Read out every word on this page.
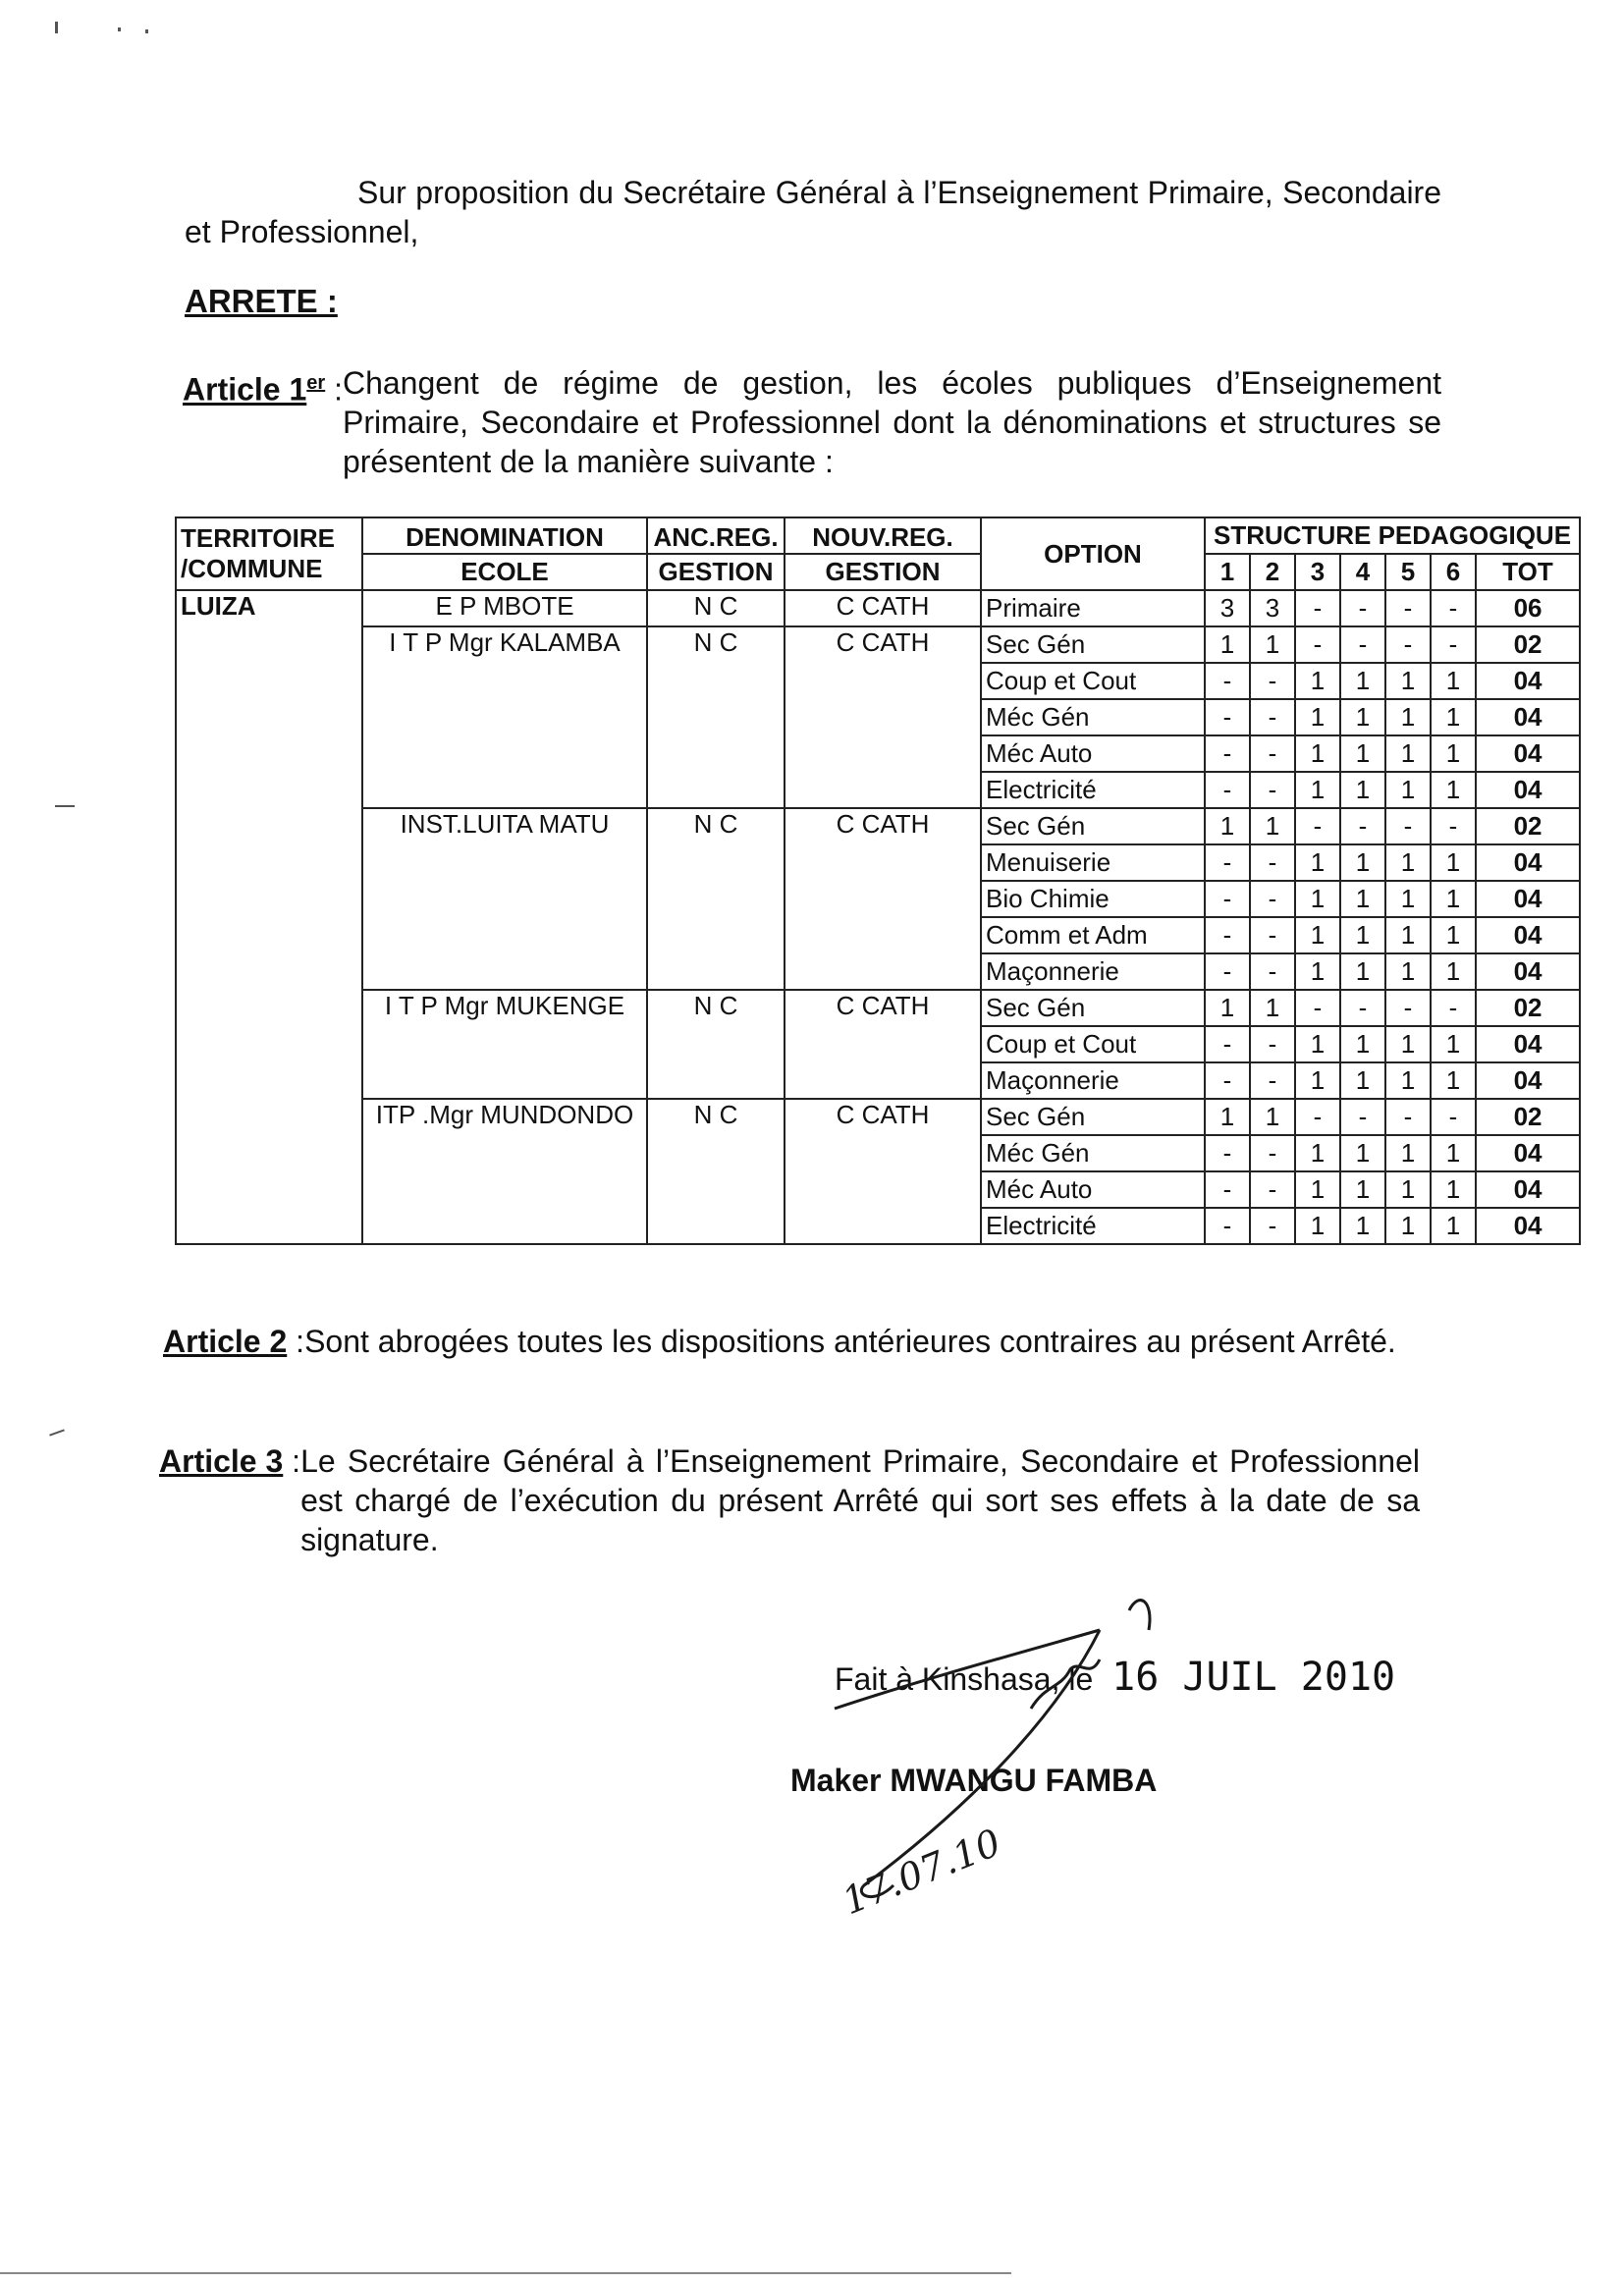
Sur proposition du Secrétaire Général à l’Enseignement Primaire, Secondaire et Professionnel,
ARRETE :
Article 1er : Changent de régime de gestion, les écoles publiques d’Enseignement Primaire, Secondaire et Professionnel dont la dénominations et structures se présentent de la manière suivante :
TERRITOIRE /COMMUNE	DENOMINATION	ANC.REG.	NOUV.REG.	OPTION	STRUCTURE PEDAGOGIQUE						

	ECOLE	GESTION	GESTION		1	2	3	4	5	6	TOT
LUIZA	E P MBOTE	N C	C CATH	Primaire	3	3	-	-	-	-	06
	I T P Mgr KALAMBA	N C	C CATH	Sec Gén	1	1	-	-	-	-	02
				Coup et Cout	-	-	1	1	1	1	04
				Méc Gén	-	-	1	1	1	1	04
				Méc Auto	-	-	1	1	1	1	04
				Electricité	-	-	1	1	1	1	04
	INST.LUITA MATU	N C	C CATH	Sec Gén	1	1	-	-	-	-	02
				Menuiserie	-	-	1	1	1	1	04
				Bio Chimie	-	-	1	1	1	1	04
				Comm et Adm	-	-	1	1	1	1	04
				Maçonnerie	-	-	1	1	1	1	04
	I T P Mgr MUKENGE	N C	C CATH	Sec Gén	1	1	-	-	-	-	02
				Coup et Cout	-	-	1	1	1	1	04
				Maçonnerie	-	-	1	1	1	1	04
	ITP .Mgr MUNDONDO	N C	C CATH	Sec Gén	1	1	-	-	-	-	02
				Méc Gén	-	-	1	1	1	1	04
				Méc Auto	-	-	1	1	1	1	04
				Electricité	-	-	1	1	1	1	04
Article 2 : Sont abrogées toutes les dispositions antérieures contraires au présent Arrêté.
Article 3 : Le Secrétaire Général à l’Enseignement Primaire, Secondaire et Professionnel est chargé de l’exécution du présent Arrêté qui sort ses effets à la date de sa signature.
Fait à Kinshasa, le 16 JUIL 2010
Maker MWANGU FAMBA
17.07.10
